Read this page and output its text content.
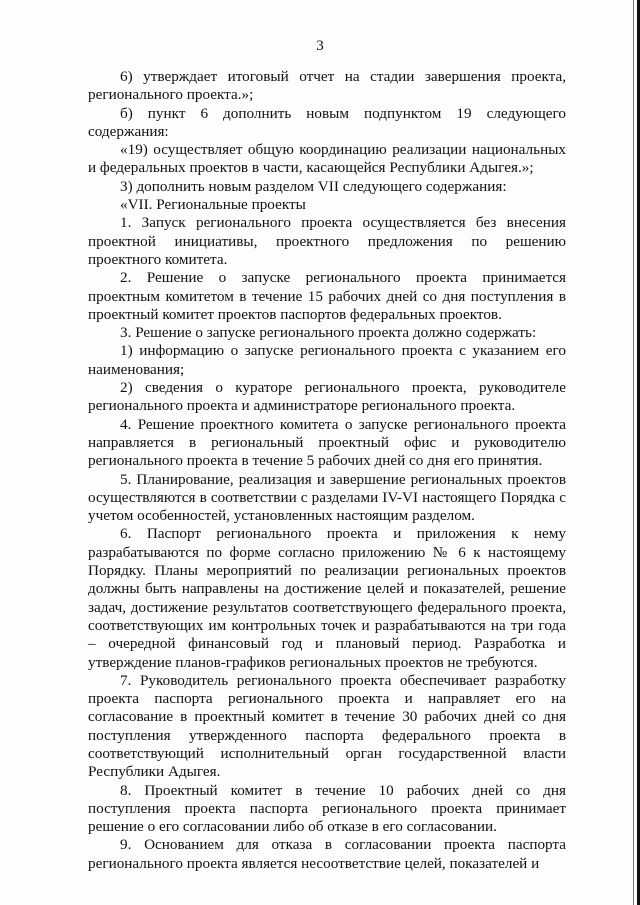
3

6) утверждает итоговый отчет на стадии завершения проекта, регионального проекта.»;

б) пункт 6 дополнить новым подпунктом 19 следующего содержания:

«19) осуществляет общую координацию реализации национальных и федеральных проектов в части, касающейся Республики Адыгея.»;

3) дополнить новым разделом VII следующего содержания:

«VII. Региональные проекты

1. Запуск регионального проекта осуществляется без внесения проектной инициативы, проектного предложения по решению проектного комитета.

2. Решение о запуске регионального проекта принимается проектным комитетом в течение 15 рабочих дней со дня поступления в проектный комитет проектов паспортов федеральных проектов.

3. Решение о запуске регионального проекта должно содержать:

1) информацию о запуске регионального проекта с указанием его наименования;

2) сведения о кураторе регионального проекта, руководителе регионального проекта и администраторе регионального проекта.

4. Решение проектного комитета о запуске регионального проекта направляется в региональный проектный офис и руководителю регионального проекта в течение 5 рабочих дней со дня его принятия.

5. Планирование, реализация и завершение региональных проектов осуществляются в соответствии с разделами IV-VI настоящего Порядка с учетом особенностей, установленных настоящим разделом.

6. Паспорт регионального проекта и приложения к нему разрабатываются по форме согласно приложению № 6 к настоящему Порядку. Планы мероприятий по реализации региональных проектов должны быть направлены на достижение целей и показателей, решение задач, достижение результатов соответствующего федерального проекта, соответствующих им контрольных точек и разрабатываются на три года – очередной финансовый год и плановый период. Разработка и утверждение планов-графиков региональных проектов не требуются.

7. Руководитель регионального проекта обеспечивает разработку проекта паспорта регионального проекта и направляет его на согласование в проектный комитет в течение 30 рабочих дней со дня поступления утвержденного паспорта федерального проекта в соответствующий исполнительный орган государственной власти Республики Адыгея.

8. Проектный комитет в течение 10 рабочих дней со дня поступления проекта паспорта регионального проекта принимает решение о его согласовании либо об отказе в его согласовании.

9. Основанием для отказа в согласовании проекта паспорта регионального проекта является несоответствие целей, показателей и
